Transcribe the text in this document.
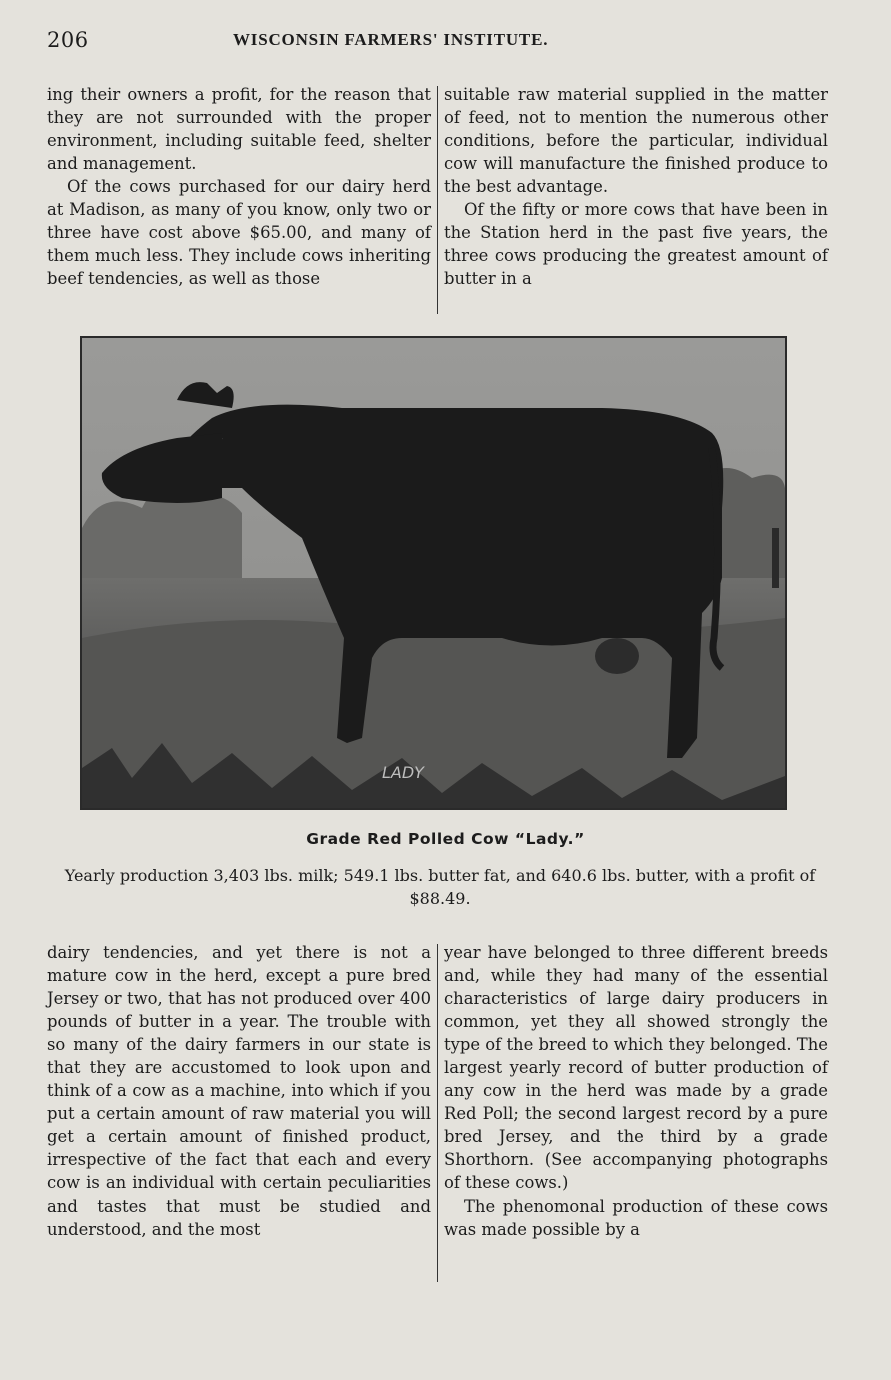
206	WISCONSIN FARMERS' INSTITUTE.

ing their owners a profit, for the reason that they are not surrounded with the proper environment, including suitable feed, shelter and management.

Of the cows purchased for our dairy herd at Madison, as many of you know, only two or three have cost above $65.00, and many of them much less. They include cows inheriting beef tendencies, as well as those

suitable raw material supplied in the matter of feed, not to mention the numerous other conditions, before the particular, individual cow will manufacture the finished produce to the best advantage.

Of the fifty or more cows that have been in the Station herd in the past five years, the three cows producing the greatest amount of butter in a

LADY
Grade Red Polled Cow “Lady.”
Yearly production 3,403 lbs. milk; 549.1 lbs. butter fat, and 640.6 lbs. butter, with a profit of $88.49.

dairy tendencies, and yet there is not a mature cow in the herd, except a pure bred Jersey or two, that has not produced over 400 pounds of butter in a year. The trouble with so many of the dairy farmers in our state is that they are accustomed to look upon and think of a cow as a machine, into which if you put a certain amount of raw material you will get a certain amount of finished product, irrespective of the fact that each and every cow is an individual with certain peculiarities and tastes that must be studied and understood, and the most

year have belonged to three different breeds and, while they had many of the essential characteristics of large dairy producers in common, yet they all showed strongly the type of the breed to which they belonged. The largest yearly record of butter production of any cow in the herd was made by a grade Red Poll; the second largest record by a pure bred Jersey, and the third by a grade Shorthorn. (See accompanying photographs of these cows.)

The phenomonal production of these cows was made possible by a
